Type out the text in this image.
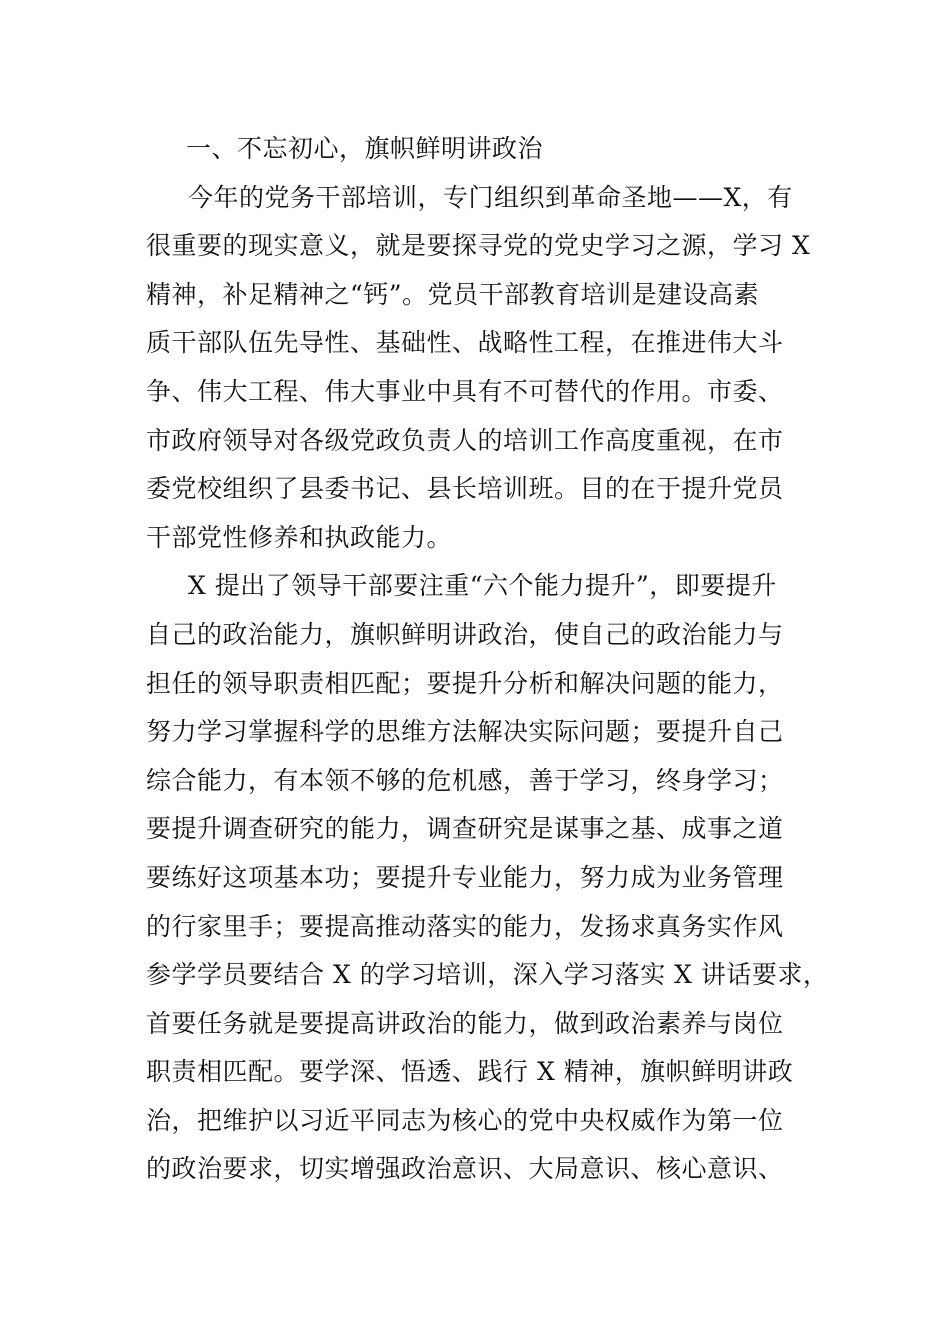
一、不忘初心，旗帜鲜明讲政治
今年的党务干部培训，专门组织到革命圣地——X，有
很重要的现实意义，就是要探寻党的党史学习之源，学习 X
精神，补足精神之“钙”。党员干部教育培训是建设高素
质干部队伍先导性、基础性、战略性工程，在推进伟大斗
争、伟大工程、伟大事业中具有不可替代的作用。市委、
市政府领导对各级党政负责人的培训工作高度重视，在市
委党校组织了县委书记、县长培训班。目的在于提升党员
干部党性修养和执政能力。
X 提出了领导干部要注重“六个能力提升”，即要提升
自己的政治能力，旗帜鲜明讲政治，使自己的政治能力与
担任的领导职责相匹配；要提升分析和解决问题的能力，
努力学习掌握科学的思维方法解决实际问题；要提升自己
综合能力，有本领不够的危机感，善于学习，终身学习；
要提升调查研究的能力，调查研究是谋事之基、成事之道
要练好这项基本功；要提升专业能力，努力成为业务管理
的行家里手；要提高推动落实的能力，发扬求真务实作风
参学学员要结合 X 的学习培训，深入学习落实 X 讲话要求，
首要任务就是要提高讲政治的能力，做到政治素养与岗位
职责相匹配。要学深、悟透、践行 X 精神，旗帜鲜明讲政
治，把维护以习近平同志为核心的党中央权威作为第一位
的政治要求，切实增强政治意识、大局意识、核心意识、
